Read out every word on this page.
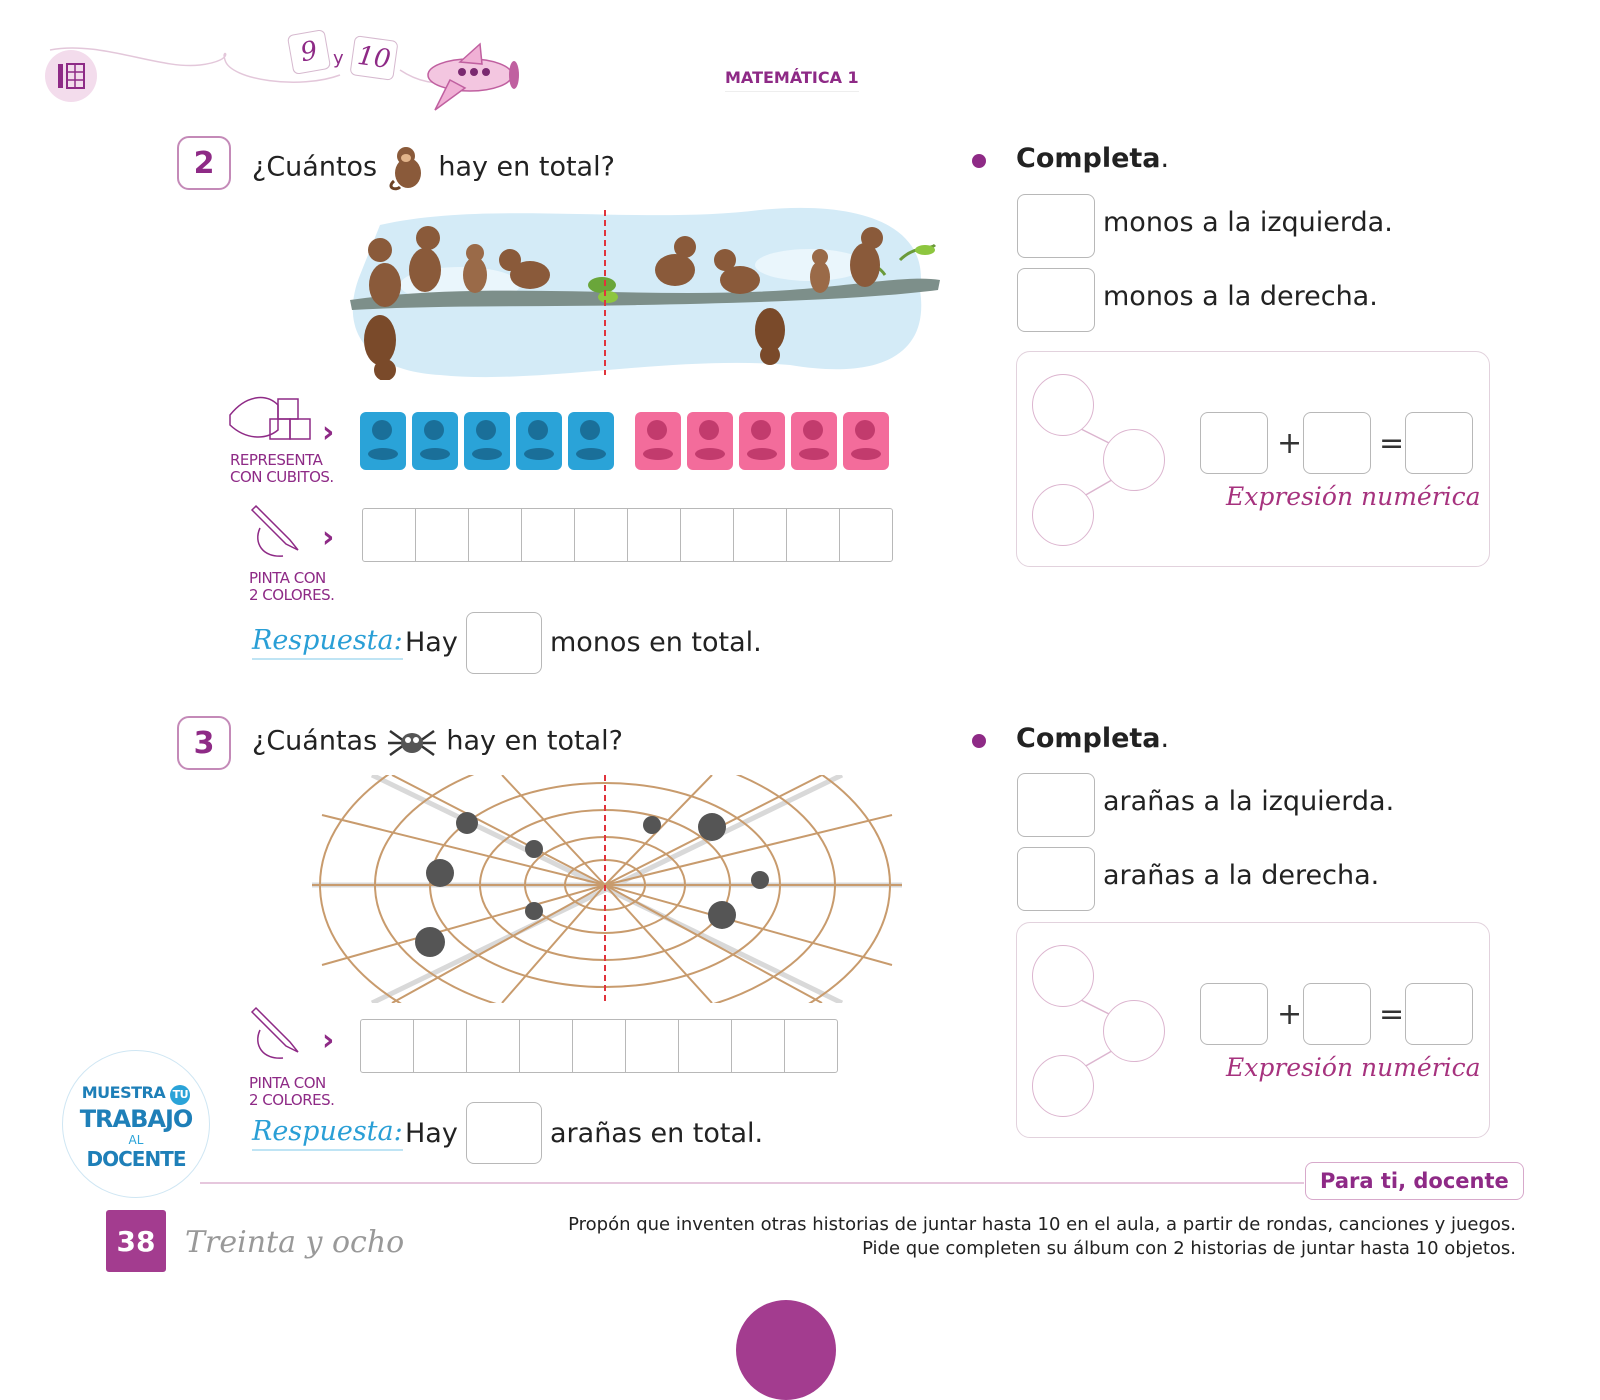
9 y 10
MATEMÁTICA 1
2	¿Cuántos hay en total?
REPRESENTA
CON CUBITOS.
›
PINTA CON
2 COLORES.
›
Respuesta: Hay	monos en total.
Completa.
monos a la izquierda.
monos a la derecha.
+	=
Expresión numérica
3	¿Cuántas	hay en total?
PINTA CON
2 COLORES.
›
Respuesta: Hay	arañas en total.
Completa.
arañas a la izquierda.
arañas a la derecha.
+	=
Expresión numérica
MUESTRA TU
TRABAJO
AL
DOCENTE
Para ti, docente
Propón que inventen otras historias de juntar hasta 10 en el aula, a partir de rondas, canciones y juegos.
Pide que completen su álbum con 2 historias de juntar hasta 10 objetos.
38 Treinta y ocho
